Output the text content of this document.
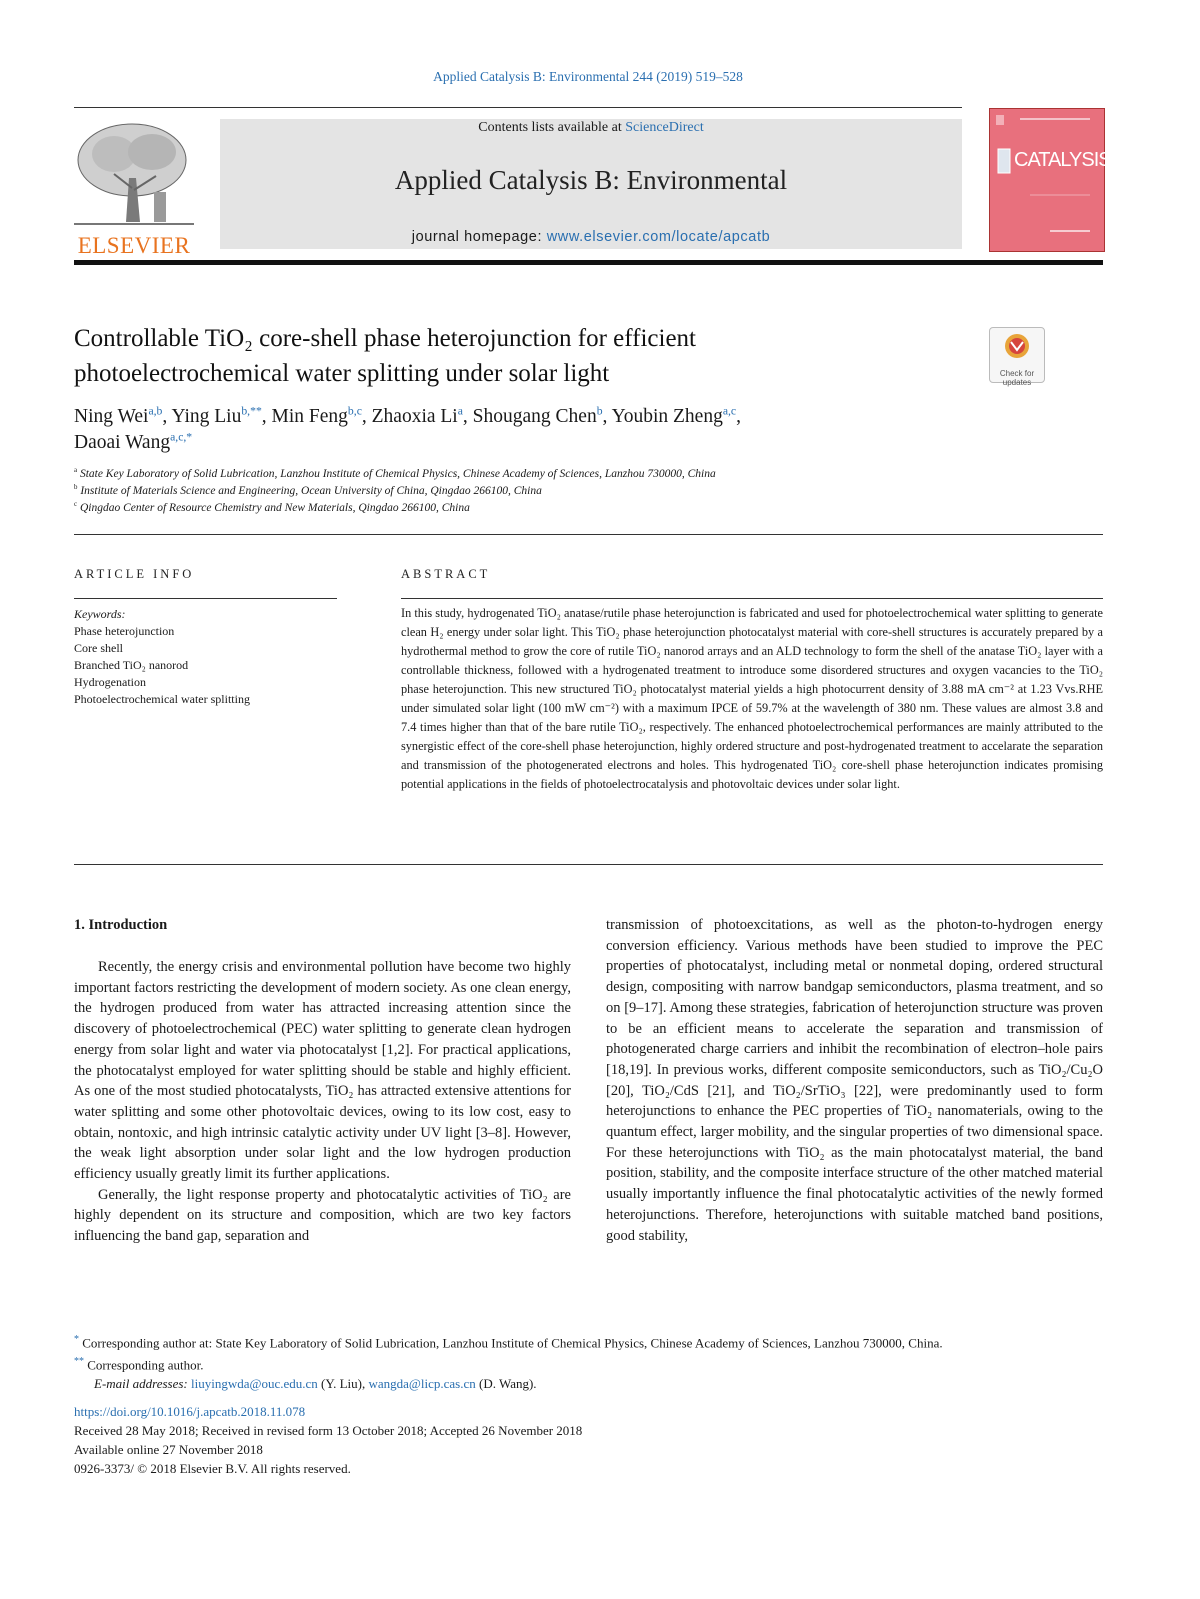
Applied Catalysis B: Environmental 244 (2019) 519–528
ELSEVIER
Contents lists available at ScienceDirect
Applied Catalysis B: Environmental
journal homepage: www.elsevier.com/locate/apcatb
CATALYSIS
Controllable TiO₂ core-shell phase heterojunction for efficient
photoelectrochemical water splitting under solar light	Check for updates
Ning Wei$^{a,b}$, Ying Liu$^{b,**}$, Min Feng$^{b,c}$, Zhaoxia Li$^a$, Shougang Chen$^b$, Youbin Zheng$^{a,c}$,
Daoai Wang$^{a,c,*}$
$^a$ State Key Laboratory of Solid Lubrication, Lanzhou Institute of Chemical Physics, Chinese Academy of Sciences, Lanzhou 730000, China
$^b$ Institute of Materials Science and Engineering, Ocean University of China, Qingdao 266100, China
$^c$ Qingdao Center of Resource Chemistry and New Materials, Qingdao 266100, China
ARTICLE INFO	ABSTRACT
Keywords:
Phase heterojunction
Core shell
Branched TiO₂ nanorod
Hydrogenation
Photoelectrochemical water splitting
In this study, hydrogenated TiO₂ anatase/rutile phase heterojunction is fabricated and used for photoelectrochemical water splitting to generate clean H₂ energy under solar light. This TiO₂ phase heterojunction photocatalyst material with core-shell structures is accurately prepared by a hydrothermal method to grow the core of rutile TiO₂ nanorod arrays and an ALD technology to form the shell of the anatase TiO₂ layer with a controllable thickness, followed with a hydrogenated treatment to introduce some disordered structures and oxygen vacancies to the TiO₂ phase heterojunction. This new structured TiO₂ photocatalyst material yields a high photocurrent density of 3.88 mA cm⁻² at 1.23 Vvs.RHE under simulated solar light (100 mW cm⁻²) with a maximum IPCE of 59.7% at the wavelength of 380 nm. These values are almost 3.8 and 7.4 times higher than that of the bare rutile TiO₂, respectively. The enhanced photoelectrochemical performances are mainly attributed to the synergistic effect of the core-shell phase heterojunction, highly ordered structure and post-hydrogenated treatment to accelarate the separation and transmission of the photogenerated electrons and holes. This hydrogenated TiO₂ core-shell phase heterojunction indicates promising potential applications in the fields of photoelectrocatalysis and photovoltaic devices under solar light.
1. Introduction

Recently, the energy crisis and environmental pollution have become two highly important factors restricting the development of modern society. As one clean energy, the hydrogen produced from water has attracted increasing attention since the discovery of photoelectrochemical (PEC) water splitting to generate clean hydrogen energy from solar light and water via photocatalyst [1,2]. For practical applications, the photocatalyst employed for water splitting should be stable and highly efficient. As one of the most studied photocatalysts, TiO₂ has attracted extensive attentions for water splitting and some other photovoltaic devices, owing to its low cost, easy to obtain, nontoxic, and high intrinsic catalytic activity under UV light [3–8]. However, the weak light absorption under solar light and the low hydrogen production efficiency usually greatly limit its further applications.

Generally, the light response property and photocatalytic activities of TiO₂ are highly dependent on its structure and composition, which are two key factors influencing the band gap, separation and

transmission of photoexcitations, as well as the photon-to-hydrogen energy conversion efficiency. Various methods have been studied to improve the PEC properties of photocatalyst, including metal or nonmetal doping, ordered structural design, compositing with narrow bandgap semiconductors, plasma treatment, and so on [9–17]. Among these strategies, fabrication of heterojunction structure was proven to be an efficient means to accelerate the separation and transmission of photogenerated charge carriers and inhibit the recombination of electron–hole pairs [18,19]. In previous works, different composite semiconductors, such as TiO₂/Cu₂O [20], TiO₂/CdS [21], and TiO₂/SrTiO₃ [22], were predominantly used to form heterojunctions to enhance the PEC properties of TiO₂ nanomaterials, owing to the quantum effect, larger mobility, and the singular properties of two dimensional space. For these heterojunctions with TiO₂ as the main photocatalyst material, the band position, stability, and the composite interface structure of the other matched material usually importantly influence the final photocatalytic activities of the newly formed heterojunctions. Therefore, heterojunctions with suitable matched band positions, good stability,

* Corresponding author at: State Key Laboratory of Solid Lubrication, Lanzhou Institute of Chemical Physics, Chinese Academy of Sciences, Lanzhou 730000, China.
** Corresponding author.
E-mail addresses: liuyingwda@ouc.edu.cn (Y. Liu), wangda@licp.cas.cn (D. Wang).
https://doi.org/10.1016/j.apcatb.2018.11.078
Received 28 May 2018; Received in revised form 13 October 2018; Accepted 26 November 2018
Available online 27 November 2018
0926-3373/ © 2018 Elsevier B.V. All rights reserved.
